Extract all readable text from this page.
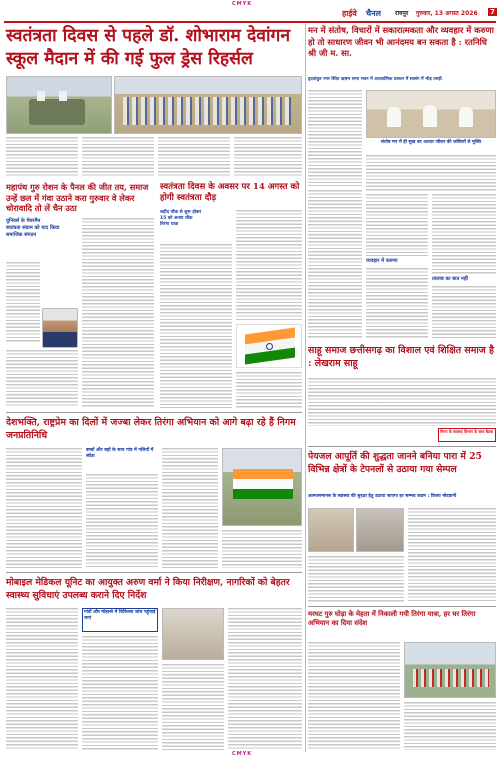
CMYK
हाईवे चैनल रायपुर गुरुवार, 13 अगस्त 2026 7
स्वतंत्रता दिवस से पहले डॉ. शोभाराम देवांगन स्कूल मैदान में की गई फुल ड्रेस रिहर्सल
महापंथ गुरु रोशन के पैनल की जीत तय, समाज उन्हें छल में गंवा उठाने करा गुरुवार वे लेकर चोरावादि तो लें चैन उठा
युनिवर्स के चेयरमैन
स्वतंत्रता संग्राम को याद किया
समाजिक संगठन
स्वतंत्रता दिवस के अवसर पर 14 अगस्त को होगी स्वतंत्रता दौड़
शहीद चौक से शुरू होकर
15 को अजय चौक
तिरंगा यात्रा
मन में संतोष, विचारों में सकारात्मकता और व्यवहार में करुणा हो तो साधारण जीवन भी आनंदमय बन सकता है : रतनिधि श्री जी म. सा.
हृदयांकुर नगर स्थित ऋषभ सभा भवन में आध्यात्मिक प्रवचन में सत्संग में भीड़ उमड़ी
संतोष मन में ही सुख का आधार जीवन की जब्तियों से मुक्ति
व्यवहार में करुणा
तालाब का बात नहीं
साहू समाज छत्तीसगढ़ का विशाल एवं शिक्षित समाज है : लेखराम साहू
निगम के स्वास्थ्य विभाग के साथ बैठक
देशभक्ति, राष्ट्रप्रेम का दिलों में जज्बा लेकर तिरंगा अभियान को आगे बढ़ा रहे हैं निगम जनप्रतिनिधि
बच्चों और बड़ों के साथ गांव में गलियों में संदेश	पेयजल आपूर्ति की शुद्धता जानने बनिया पारा में 25 विभिन्न क्षेत्रों के टेपनलों से उठाया गया सेम्पल
आमजनमानस के स्वास्थ्य की सुरक्षा हेतु उठाया जाएगा हर सम्भव कदम : विजय मोदवानी
मोबाइल मेडिकल यूनिट का आयुक्त अरुण वर्मा ने किया निरीक्षण, नागरिकों को बेहतर स्वास्थ्य सुविधाएं उपलब्ध कराने दिए निर्देश
गांवों और मोहल्ले में चिकित्सा जांच पहुंचाई जाएं
मरघट गुरु घोड़ा के मेहता में निकाली गयी तिरंगा यात्रा, हर घर तिरंगा अभियान का दिया संदेश
CMYK
